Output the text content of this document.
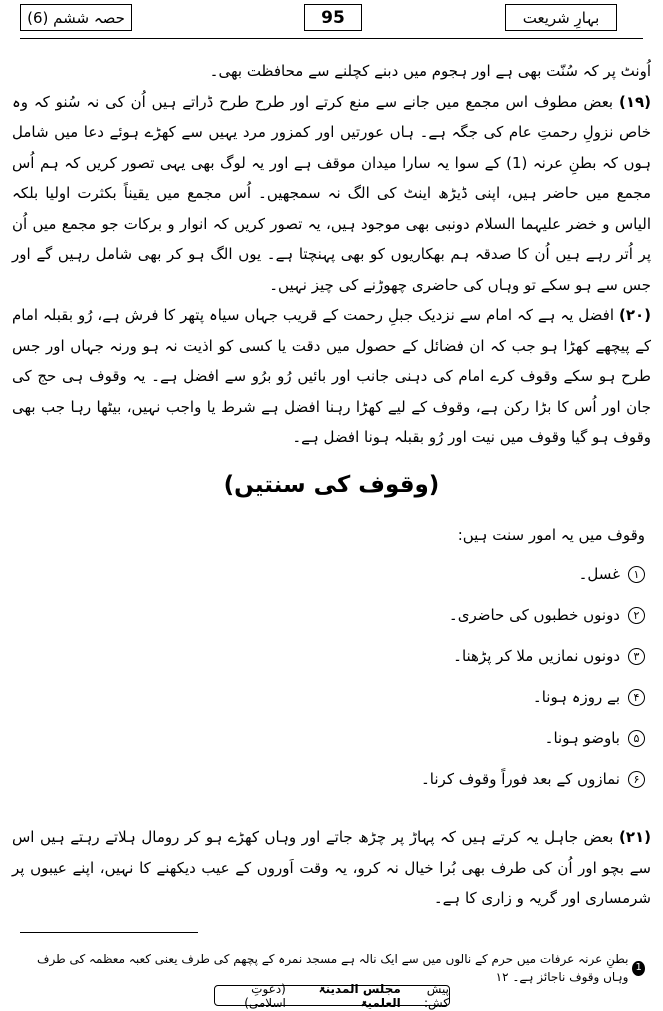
بہارِ شریعت
95
حصہ ششم (6)

اُونٹ پر کہ سُنّت بھی ہے اور ہجوم میں دبنے کچلنے سے محافظت بھی۔

(۱۹) بعض مطوف اس مجمع میں جانے سے منع کرتے اور طرح طرح ڈراتے ہیں اُن کی نہ سُنو کہ وہ خاص نزولِ رحمتِ عام کی جگہ ہے۔ ہاں عورتیں اور کمزور مرد یہیں سے کھڑے ہوئے دعا میں شامل ہوں کہ بطنِ عرنہ (1) کے سوا یہ سارا میدان موقف ہے اور یہ لوگ بھی یہی تصور کریں کہ ہم اُس مجمع میں حاضر ہیں، اپنی ڈیڑھ اینٹ کی الگ نہ سمجھیں۔ اُس مجمع میں یقیناً بکثرت اولیا بلکہ الیاس و خضر علیہما السلام دونبی بھی موجود ہیں، یہ تصور کریں کہ انوار و برکات جو مجمع میں اُن پر اُتر رہے ہیں اُن کا صدقہ ہم بھکاریوں کو بھی پہنچتا ہے۔ یوں الگ ہو کر بھی شامل رہیں گے اور جس سے ہو سکے تو وہاں کی حاضری چھوڑنے کی چیز نہیں۔

(۲۰) افضل یہ ہے کہ امام سے نزدیک جبلِ رحمت کے قریب جہاں سیاہ پتھر کا فرش ہے، رُو بقبلہ امام کے پیچھے کھڑا ہو جب کہ ان فضائل کے حصول میں دقت یا کسی کو اذیت نہ ہو ورنہ جہاں اور جس طرح ہو سکے وقوف کرے امام کی دہنی جانب اور بائیں رُو برُو سے افضل ہے۔ یہ وقوف ہی حج کی جان اور اُس کا بڑا رکن ہے، وقوف کے لیے کھڑا رہنا افضل ہے شرط یا واجب نہیں، بیٹھا رہا جب بھی وقوف ہو گیا وقوف میں نیت اور رُو بقبلہ ہونا افضل ہے۔

(وقوف کی سنتیں)
وقوف میں یہ امور سنت ہیں:
۱
غسل۔
۲
دونوں خطبوں کی حاضری۔
۳
دونوں نمازیں ملا کر پڑھنا۔
۴
بے روزہ ہونا۔
۵
باوضو ہونا۔
۶
نمازوں کے بعد فوراً وقوف کرنا۔

(۲۱) بعض جاہل یہ کرتے ہیں کہ پہاڑ پر چڑھ جاتے اور وہاں کھڑے ہو کر رومال ہلاتے رہتے ہیں اس سے بچو اور اُن کی طرف بھی بُرا خیال نہ کرو، یہ وقت اَوروں کے عیب دیکھنے کا نہیں، اپنے عیبوں پر شرمساری اور گریہ و زاری کا ہے۔

1
بطنِ عرنہ عرفات میں حرم کے نالوں میں سے ایک نالہ ہے مسجد نمرہ کے پچھم کی طرف یعنی کعبہ معظمہ کی طرف وہاں وقوف ناجائز ہے۔ ۱۲
پیش کش:
مجلس المدینۃ العلمیۃ
(دعوتِ اسلامی)
